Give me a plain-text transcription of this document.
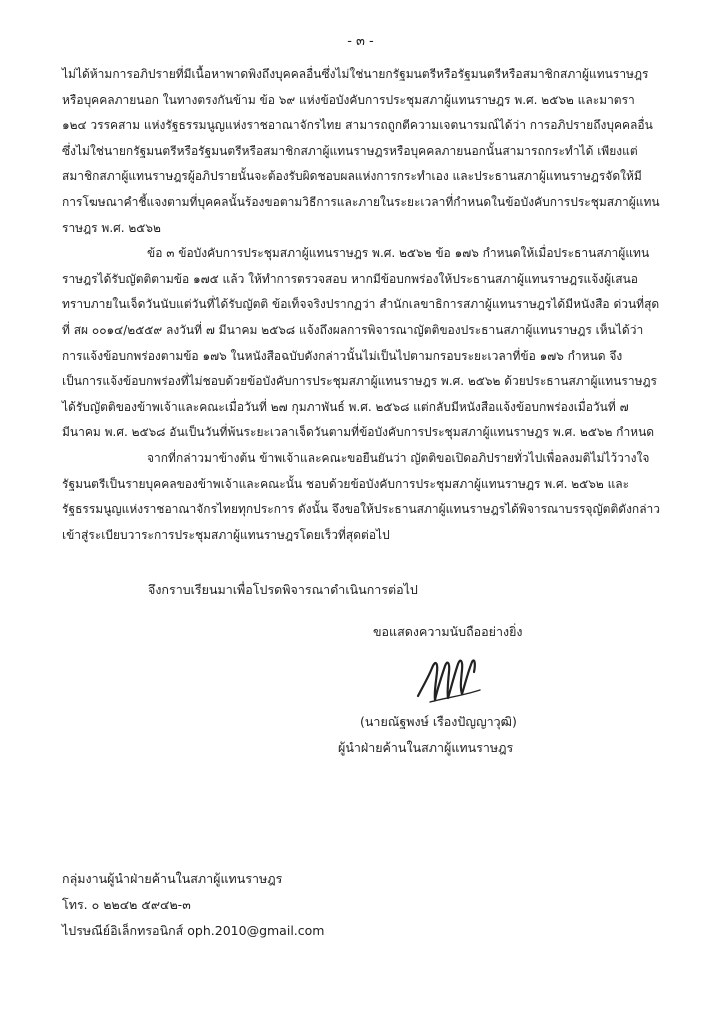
- ๓ -

ไม่ได้ห้ามการอภิปรายที่มีเนื้อหาพาดพิงถึงบุคคลอื่นซึ่งไม่ใช่นายกรัฐมนตรีหรือรัฐมนตรีหรือสมาชิกสภาผู้แทนราษฎรหรือบุคคลภายนอก ในทางตรงกันข้าม ข้อ ๖๙ แห่งข้อบังคับการประชุมสภาผู้แทนราษฎร พ.ศ. ๒๕๖๒ และมาตรา ๑๒๔ วรรคสาม แห่งรัฐธรรมนูญแห่งราชอาณาจักรไทย สามารถถูกตีความเจตนารมณ์ได้ว่า การอภิปรายถึงบุคคลอื่นซึ่งไม่ใช่นายกรัฐมนตรีหรือรัฐมนตรีหรือสมาชิกสภาผู้แทนราษฎรหรือบุคคลภายนอกนั้นสามารถกระทำได้ เพียงแต่สมาชิกสภาผู้แทนราษฎรผู้อภิปรายนั้นจะต้องรับผิดชอบผลแห่งการกระทำเอง และประธานสภาผู้แทนราษฎรจัดให้มีการโฆษณาคำชี้แจงตามที่บุคคลนั้นร้องขอตามวิธีการและภายในระยะเวลาที่กำหนดในข้อบังคับการประชุมสภาผู้แทนราษฎร พ.ศ. ๒๕๖๒

ข้อ ๓ ข้อบังคับการประชุมสภาผู้แทนราษฎร พ.ศ. ๒๕๖๒ ข้อ ๑๗๖ กำหนดให้เมื่อประธานสภาผู้แทนราษฎรได้รับญัตติตามข้อ ๑๗๕ แล้ว ให้ทำการตรวจสอบ หากมีข้อบกพร่องให้ประธานสภาผู้แทนราษฎรแจ้งผู้เสนอทราบภายในเจ็ดวันนับแต่วันที่ได้รับญัตติ ข้อเท็จจริงปรากฏว่า สำนักเลขาธิการสภาผู้แทนราษฎรได้มีหนังสือ ด่วนที่สุด ที่ สผ ๐๐๑๔/๒๕๕๙ ลงวันที่ ๗ มีนาคม ๒๕๖๘ แจ้งถึงผลการพิจารณาญัตติของประธานสภาผู้แทนราษฎร เห็นได้ว่า การแจ้งข้อบกพร่องตามข้อ ๑๗๖ ในหนังสือฉบับดังกล่าวนั้นไม่เป็นไปตามกรอบระยะเวลาที่ข้อ ๑๗๖ กำหนด จึงเป็นการแจ้งข้อบกพร่องที่ไม่ชอบด้วยข้อบังคับการประชุมสภาผู้แทนราษฎร พ.ศ. ๒๕๖๒ ด้วยประธานสภาผู้แทนราษฎรได้รับญัตติของข้าพเจ้าและคณะเมื่อวันที่ ๒๗ กุมภาพันธ์ พ.ศ. ๒๕๖๘ แต่กลับมีหนังสือแจ้งข้อบกพร่องเมื่อวันที่ ๗ มีนาคม พ.ศ. ๒๕๖๘ อันเป็นวันที่พ้นระยะเวลาเจ็ดวันตามที่ข้อบังคับการประชุมสภาผู้แทนราษฎร พ.ศ. ๒๕๖๒ กำหนด

จากที่กล่าวมาข้างต้น ข้าพเจ้าและคณะขอยืนยันว่า ญัตติขอเปิดอภิปรายทั่วไปเพื่อลงมติไม่ไว้วางใจรัฐมนตรีเป็นรายบุคคลของข้าพเจ้าและคณะนั้น ชอบด้วยข้อบังคับการประชุมสภาผู้แทนราษฎร พ.ศ. ๒๕๖๒ และรัฐธรรมนูญแห่งราชอาณาจักรไทยทุกประการ ดังนั้น จึงขอให้ประธานสภาผู้แทนราษฎรได้พิจารณาบรรจุญัตติดังกล่าวเข้าสู่ระเบียบวาระการประชุมสภาผู้แทนราษฎรโดยเร็วที่สุดต่อไป

จึงกราบเรียนมาเพื่อโปรดพิจารณาดำเนินการต่อไป
ขอแสดงความนับถืออย่างยิ่ง
(นายณัฐพงษ์ เรืองปัญญาวุฒิ)
ผู้นำฝ่ายค้านในสภาผู้แทนราษฎร
กลุ่มงานผู้นำฝ่ายค้านในสภาผู้แทนราษฎร
โทร. ๐ ๒๒๔๒ ๕๙๔๒-๓
ไปรษณีย์อิเล็กทรอนิกส์ oph.2010@gmail.com
